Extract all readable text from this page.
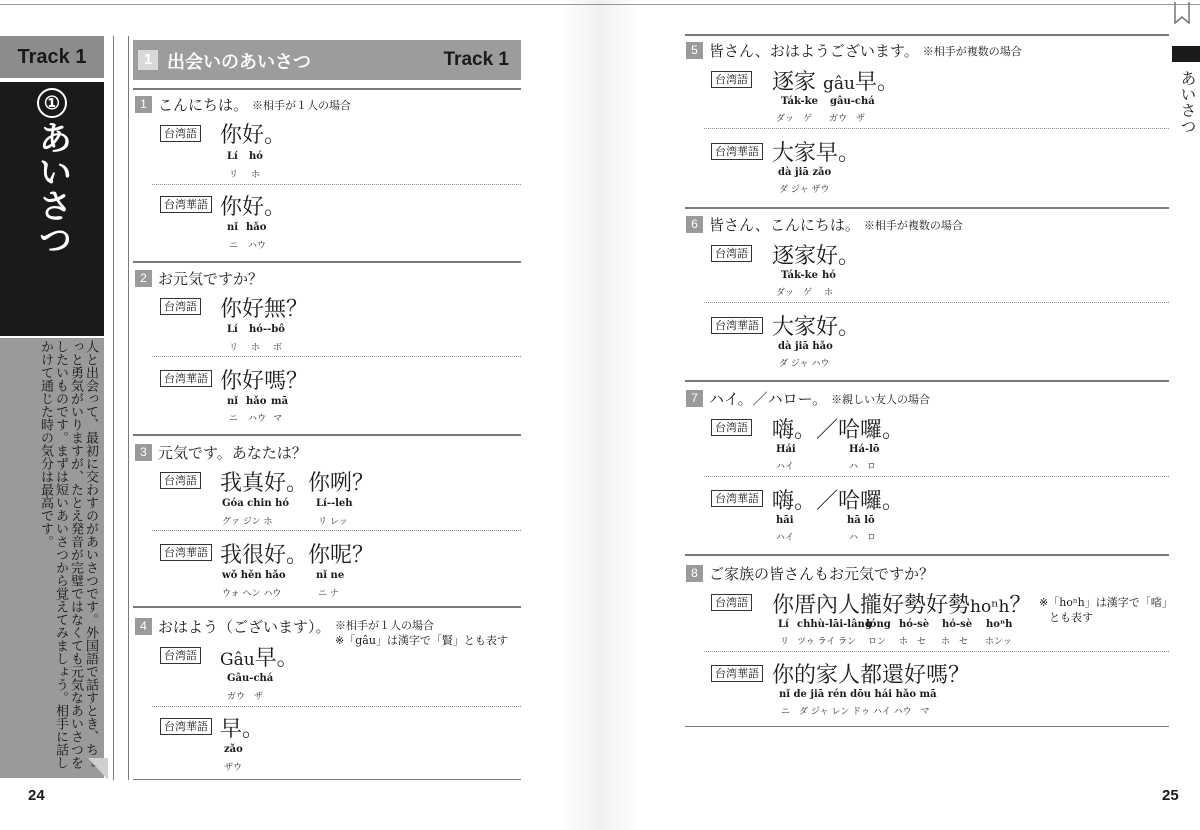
Track 1
①
あいさつ
人と出会って、最初に交わすのがあいさつです。外国語で話すとき、ちょっと勇気がいりますが、たとえ発音が完璧ではなくても元気なあいさつをしたいものです。まずは短いあいさつから覚えてみましょう。相手に話しかけて通じた時の気分は最高です。
1 出会いのあいさつ	Track 1
1 こんにちは。 ※相手が１人の場合
台湾語 你好。
Lí hó
リ ホ
台湾華語 你好。
nǐ hǎo
ニ ハウ
2 お元気ですか？
台湾語 你好無？
Lí hó--bô
リ ホ ボ
台湾華語 你好嗎？
nǐ hǎo mā
ニ ハウ マ
3 元気です。あなたは？
台湾語 我真好。你咧？
Góa chin hó	Lí--leh
グァ ジン ホ	リ レッ
台湾華語 我很好。你呢？
wǒ hěn hǎo	nǐ ne
ウォ ヘン ハウ	ニ ナ
4 おはよう（ございます）。 ※相手が１人の場合
※「gâu」は漢字で「賢」とも表す
台湾語 Gâu早。
Gâu-chá
ガウ　ザ
台湾華語 早。
zǎo
ザウ
24
あいさつ
5 皆さん、おはようございます。 ※相手が複数の場合
台湾語 逐家 gâu早。
Ták-ke gâu-chá
ダッ　ゲ ガウ　ザ
台湾華語 大家早。
dà jiā zǎo
ダ ジャ ザウ
6 皆さん、こんにちは。 ※相手が複数の場合
台湾語 逐家好。
Ták-ke hó
ダッ　ゲ ホ
台湾華語 大家好。
dà jiā hǎo
ダ ジャ ハウ
7 ハイ。／ハロー。 ※親しい友人の場合
台湾語 嗨。／哈囉。
Hái	Há-lō
ハイ	ハ　ロ
台湾華語 嗨。／哈囉。
hāi	hā lō
ハイ	ハ　ロ
8 ご家族の皆さんもお元気ですか？
台湾語 你厝內人攏好勢好勢hoⁿh？ ※「hoⁿh」は漢字で「㗂」
とも表す
Lí chhù-lāi-lâng
lóng hó-sè hó-sè hoⁿh
リ ツゥ ライ ラン ロン ホ　セ ホ　セ ホンッ
台湾華語 你的家人都還好嗎？
nǐ de jiā rén dōu hái hǎo mā
ニ　ダ ジャ レン ドゥ ハイ ハウ　マ
25
